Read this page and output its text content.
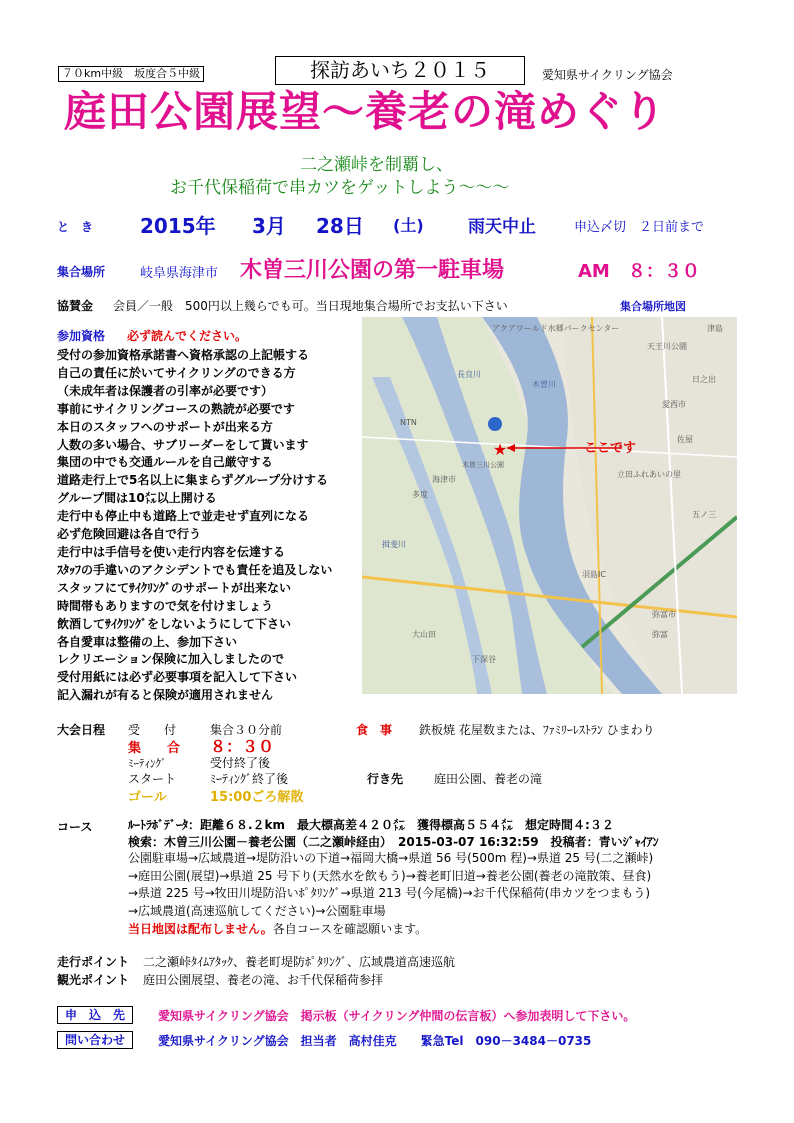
７０km中級　坂度合５中級	探訪あいち２０１５	愛知県サイクリング協会
庭田公園展望～養老の滝めぐり
二之瀬峠を制覇し、
お千代保稲荷で串カツをゲットしよう～～～
と　き 2015年 3月 28日 (土)	雨天中止	申込〆切　２日前まで
集合場所	岐阜県海津市 木曽三川公園の第一駐車場	AM　８：３０
協賛金 会員／一般　500円以上幾らでも可。当日現地集合場所でお支払い下さい	集合場所地図
参加資格 必ず読んでください。
受付の参加資格承諾書へ資格承認の上記帳する
自己の責任に於いてサイクリングのできる方
（未成年者は保護者の引率が必要です）
事前にサイクリングコースの熟読が必要です
本日のスタッフへのサポートが出来る方
人数の多い場合、サブリーダーをして貰います
集団の中でも交通ルールを自己厳守する
道路走行上で5名以上に集まらずグループ分けする
グループ間は10㍍以上開ける
走行中も停止中も道路上で並走せず直列になる
必ず危険回避は各自で行う
走行中は手信号を使い走行内容を伝達する
ｽﾀｯﾌの手違いのアクシデントでも責任を追及しない
スタッフにてｻｲｸﾘﾝｸﾞのサポートが出来ない
時間帯もありますので気を付けましょう
飲酒してｻｲｸﾘﾝｸﾞをしないようにして下さい
各自愛車は整備の上、参加下さい
レクリエーション保険に加入しましたので
受付用紙には必ず必要事項を記入して下さい
記入漏れが有ると保険が適用されません
★	ここです
アクアワールド水郷パークセンター
海津市
木曽川
長良川
NTN
木曽三川公園
揖斐川
羽島IC
弥富
多度
大山田
下深谷
立田ふれあいの里
日之出
愛西市
佐屋
弥富市
津島
天王川公園
五ノ三
大会日程 受　　付	集合３０分前
集　　合 ８：３０
ﾐｰﾃｨﾝｸﾞ	受付終了後
スタート	ﾐｰﾃｨﾝｸﾞ終了後
ゴール	15:00ごろ解散
食　事 鉄板焼 花屋数または、ﾌｧﾐﾘｰﾚｽﾄﾗﾝ ひまわり
行き先	庭田公園、養老の滝
コース	ﾙｰﾄﾗﾎﾞﾃﾞｰﾀ：距離６８.２km　最大標高差４２０㍍　獲得標高５５４㍍　想定時間４:３２
検索：木曽三川公園－養老公園（二之瀬峠経由）　2015-03-07 16:32:59　投稿者：青いｼﾞｬｲｱﾝ
公園駐車場→広域農道→堤防沿いの下道→福岡大橋→県道 56 号(500m 程)→県道 25 号(二之瀬峠)
→庭田公園(展望)→県道 25 号下り(天然水を飲もう)→養老町旧道→養老公園(養老の滝散策、昼食)
→県道 225 号→牧田川堤防沿いﾎﾟﾀﾘﾝｸﾞ→県道 213 号(今尾橋)→お千代保稲荷(串カツをつまもう)
→広域農道(高速巡航してください)→公園駐車場
当日地図は配布しません。各自コースを確認願います。
走行ポイント 二之瀬峠ﾀｲﾑｱﾀｯｸ、養老町堤防ﾎﾟﾀﾘﾝｸﾞ、広域農道高速巡航
観光ポイント 庭田公園展望、養老の滝、お千代保稲荷参拝
申　込　先	愛知県サイクリング協会　掲示板（サイクリング仲間の伝言板）へ参加表明して下さい。
問い合わせ	愛知県サイクリング協会　担当者　高村佳克　　緊急Tel　090－3484－0735
